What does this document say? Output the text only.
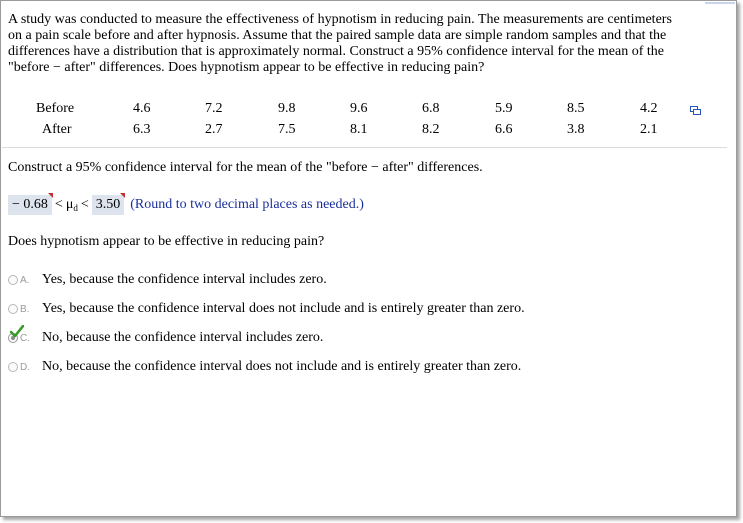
A study was conducted to measure the effectiveness of hypnotism in reducing pain. The measurements are centimeters
on a pain scale before and after hypnosis. Assume that the paired sample data are simple random samples and that the
differences have a distribution that is approximately normal. Construct a 95% confidence interval for the mean of the
"before − after" differences. Does hypnotism appear to be effective in reducing pain?
Before	4.6	7.2	9.8	9.6	6.8	5.9	8.5	4.2
After	6.3	2.7	7.5	8.1	8.2	6.6	3.8	2.1
Construct a 95% confidence interval for the mean of the "before − after" differences.
− $0.68 < \mu_d < 3.50$ (Round to two decimal places as needed.)
Does hypnotism appear to be effective in reducing pain?
A. Yes, because the confidence interval includes zero.
B. Yes, because the confidence interval does not include and is entirely greater than zero.
C. No, because the confidence interval includes zero.
D. No, because the confidence interval does not include and is entirely greater than zero.
